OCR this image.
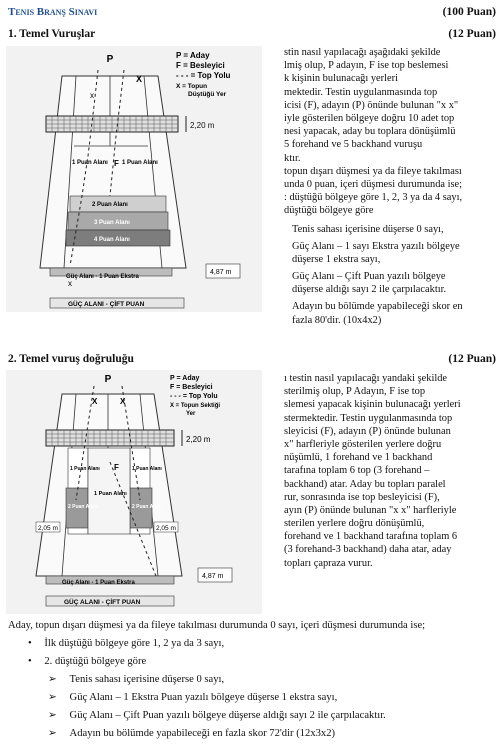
Tenis Branş Sınavı	(100 Puan)
1. Temel Vuruşlar	(12 Puan)
2,20 m
P
X
F
x
x
P = Aday
F = Besleyici
- - - = Top Yolu
X = Topun
Düştüğü Yer
1 Puan Alanı 1 Puan Alanı
2 Puan Alanı
3 Puan Alanı
4 Puan Alanı
Güç Alanı - 1 Puan Ekstra
4,87 m
GÜÇ ALANI - ÇİFT PUAN
stin nasıl yapılacağı aşağıdaki şekilde
lmiş olup, P adayın, F ise top beslemesi
k kişinin bulunacağı yerleri
mektedir. Testin uygulanmasında top
icisi (F), adayın (P) önünde bulunan "x x"
iyle gösterilen bölgeye doğru 10 adet top
nesi yapacak, aday bu toplara dönüşümlü
5 forehand ve 5 backhand vuruşu
ktır.
topun dışarı düşmesi ya da fileye takılması
unda 0 puan, içeri düşmesi durumunda ise;
: düştüğü bölgeye göre 1, 2, 3 ya da 4 sayı,
düştüğü bölgeye göre
Tenis sahası içerisine düşerse 0 sayı,
Güç Alanı – 1 sayı Ekstra yazılı bölgeye
düşerse 1 ekstra sayı,
Güç Alanı – Çift Puan yazılı bölgeye
düşerse aldığı sayı 2 ile çarpılacaktır.
Adayın bu bölümde yapabileceği skor en
fazla 80'dir. (10x4x2)
2. Temel vuruş doğruluğu	(12 Puan)
2,20 m
2,05 m	2,05 m
P
X	X
F
P = Aday
F = Besleyici
- - - = Top Yolu
X = Topun Sektiği
Yer
1 Puan Alanı	1 Puan Alanı
2 Puan Alanı	2 Puan Alanı
1 Puan Alanı
Güç Alanı - 1 Puan Ekstra
4,87 m
GÜÇ ALANI - ÇİFT PUAN
ı testin nasıl yapılacağı yandaki şekilde
sterilmiş olup, P Adayın, F ise top
slemesi yapacak kişinin bulunacağı yerleri
stermektedir. Testin uygulanmasında top
sleyicisi (F), adayın (P) önünde bulunan
x" harfleriyle gösterilen yerlere doğru
nüşümlü, 1 forehand ve 1 backhand
tarafına toplam 6 top (3 forehand –
backhand) atar. Aday bu topları paralel
rur, sonrasında ise top besleyicisi (F),
ayın (P) önünde bulunan "x x" harfleriyle
sterilen yerlere doğru dönüşümlü,
forehand ve 1 backhand tarafına toplam 6
(3 forehand-3 backhand) daha atar, aday
topları çapraza vurur.
Aday, topun dışarı düşmesi ya da fileye takılması durumunda 0 sayı, içeri düşmesi durumunda ise;
• İlk düştüğü bölgeye göre 1, 2 ya da 3 sayı,
• 2. düştüğü bölgeye göre
➢ Tenis sahası içerisine düşerse 0 sayı,
➢ Güç Alanı – 1 Ekstra Puan yazılı bölgeye düşerse 1 ekstra sayı,
➢ Güç Alanı – Çift Puan yazılı bölgeye düşerse aldığı sayı 2 ile çarpılacaktır.
➢ Adayın bu bölümde yapabileceği en fazla skor 72'dir (12x3x2)
